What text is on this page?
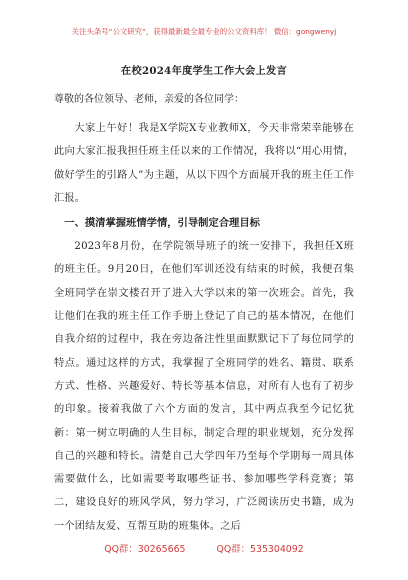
关注头条号“公文研究”，获得最新最全最专业的公文资料库！ 微信：gongwenyj
在校2024年度学生工作大会上发言

尊敬的各位领导、老师，亲爱的各位同学：

大家上午好！我是X学院X专业教师X，今天非常荣幸能够在此向大家汇报我担任班主任以来的工作情况，我将以“用心用情，做好学生的引路人”为主题，从以下四个方面展开我的班主任工作汇报。

一、摸清掌握班情学情，引导制定合理目标

2023年8月份，在学院领导班子的统一安排下，我担任X班的班主任。9月20日，在他们军训还没有结束的时候，我便召集全班同学在崇文楼召开了进入大学以来的第一次班会。首先，我让他们在我的班主任工作手册上登记了自己的基本情况，在他们自我介绍的过程中，我在旁边备注性里面默默记下了每位同学的特点。通过这样的方式，我掌握了全班同学的姓名、籍贯、联系方式、性格、兴趣爱好、特长等基本信息，对所有人也有了初步的印象。接着我做了六个方面的发言，其中两点我至今记忆犹新：第一树立明确的人生目标，制定合理的职业规划，充分发挥自己的兴趣和特长。清楚自己大学四年乃至每个学期每一周具体需要做什么，比如需要考取哪些证书、参加哪些学科竞赛；第二，建设良好的班风学风，努力学习，广泛阅读历史书籍，成为一个团结友爱、互帮互助的班集体。之后

QQ群：30265665	QQ群：535304092
